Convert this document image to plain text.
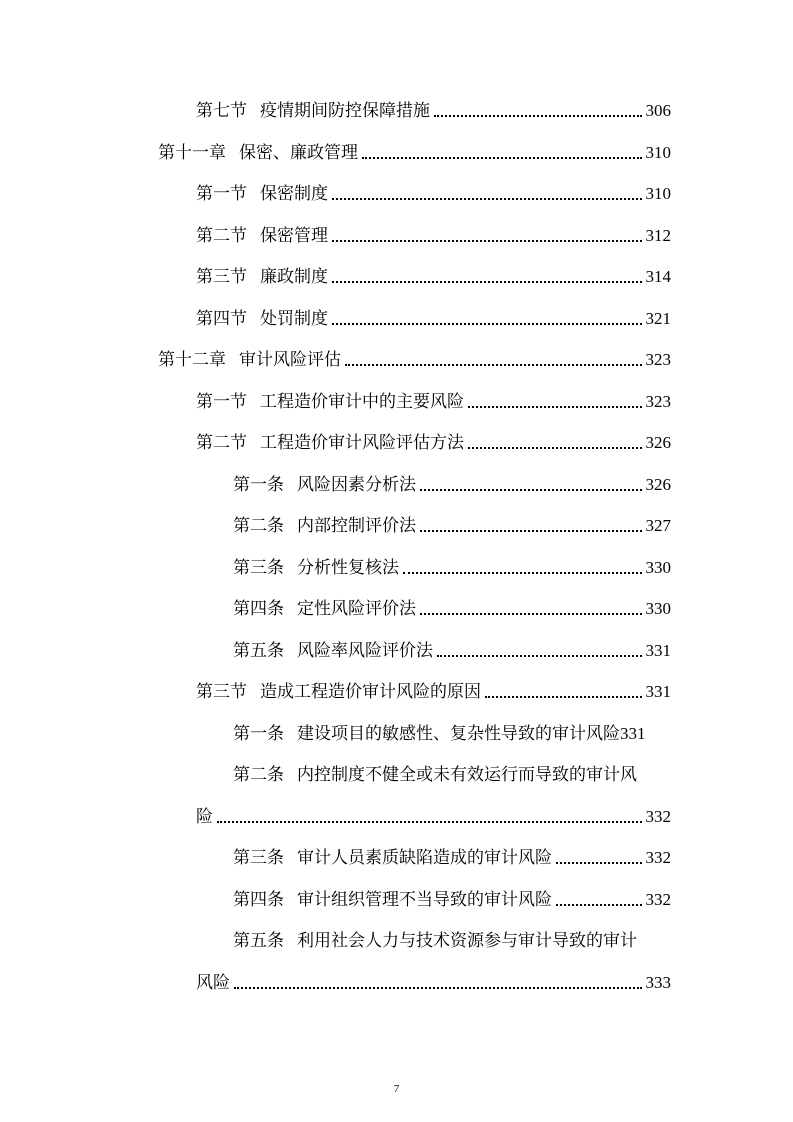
第七节 疫情期间防控保障措施	306
第十一章 保密、廉政管理	310
第一节 保密制度	310
第二节 保密管理	312
第三节 廉政制度	314
第四节 处罚制度	321
第十二章 审计风险评估	323
第一节 工程造价审计中的主要风险	323
第二节 工程造价审计风险评估方法	326
第一条 风险因素分析法	326
第二条 内部控制评价法	327
第三条 分析性复核法	330
第四条 定性风险评价法	330
第五条 风险率风险评价法	331
第三节 造成工程造价审计风险的原因	331
第一条 建设项目的敏感性、复杂性导致的审计风险 331
第二条 内控制度不健全或未有效运行而导致的审计风
险	332
第三条 审计人员素质缺陷造成的审计风险	332
第四条 审计组织管理不当导致的审计风险	332
第五条 利用社会人力与技术资源参与审计导致的审计
风险	333
7
